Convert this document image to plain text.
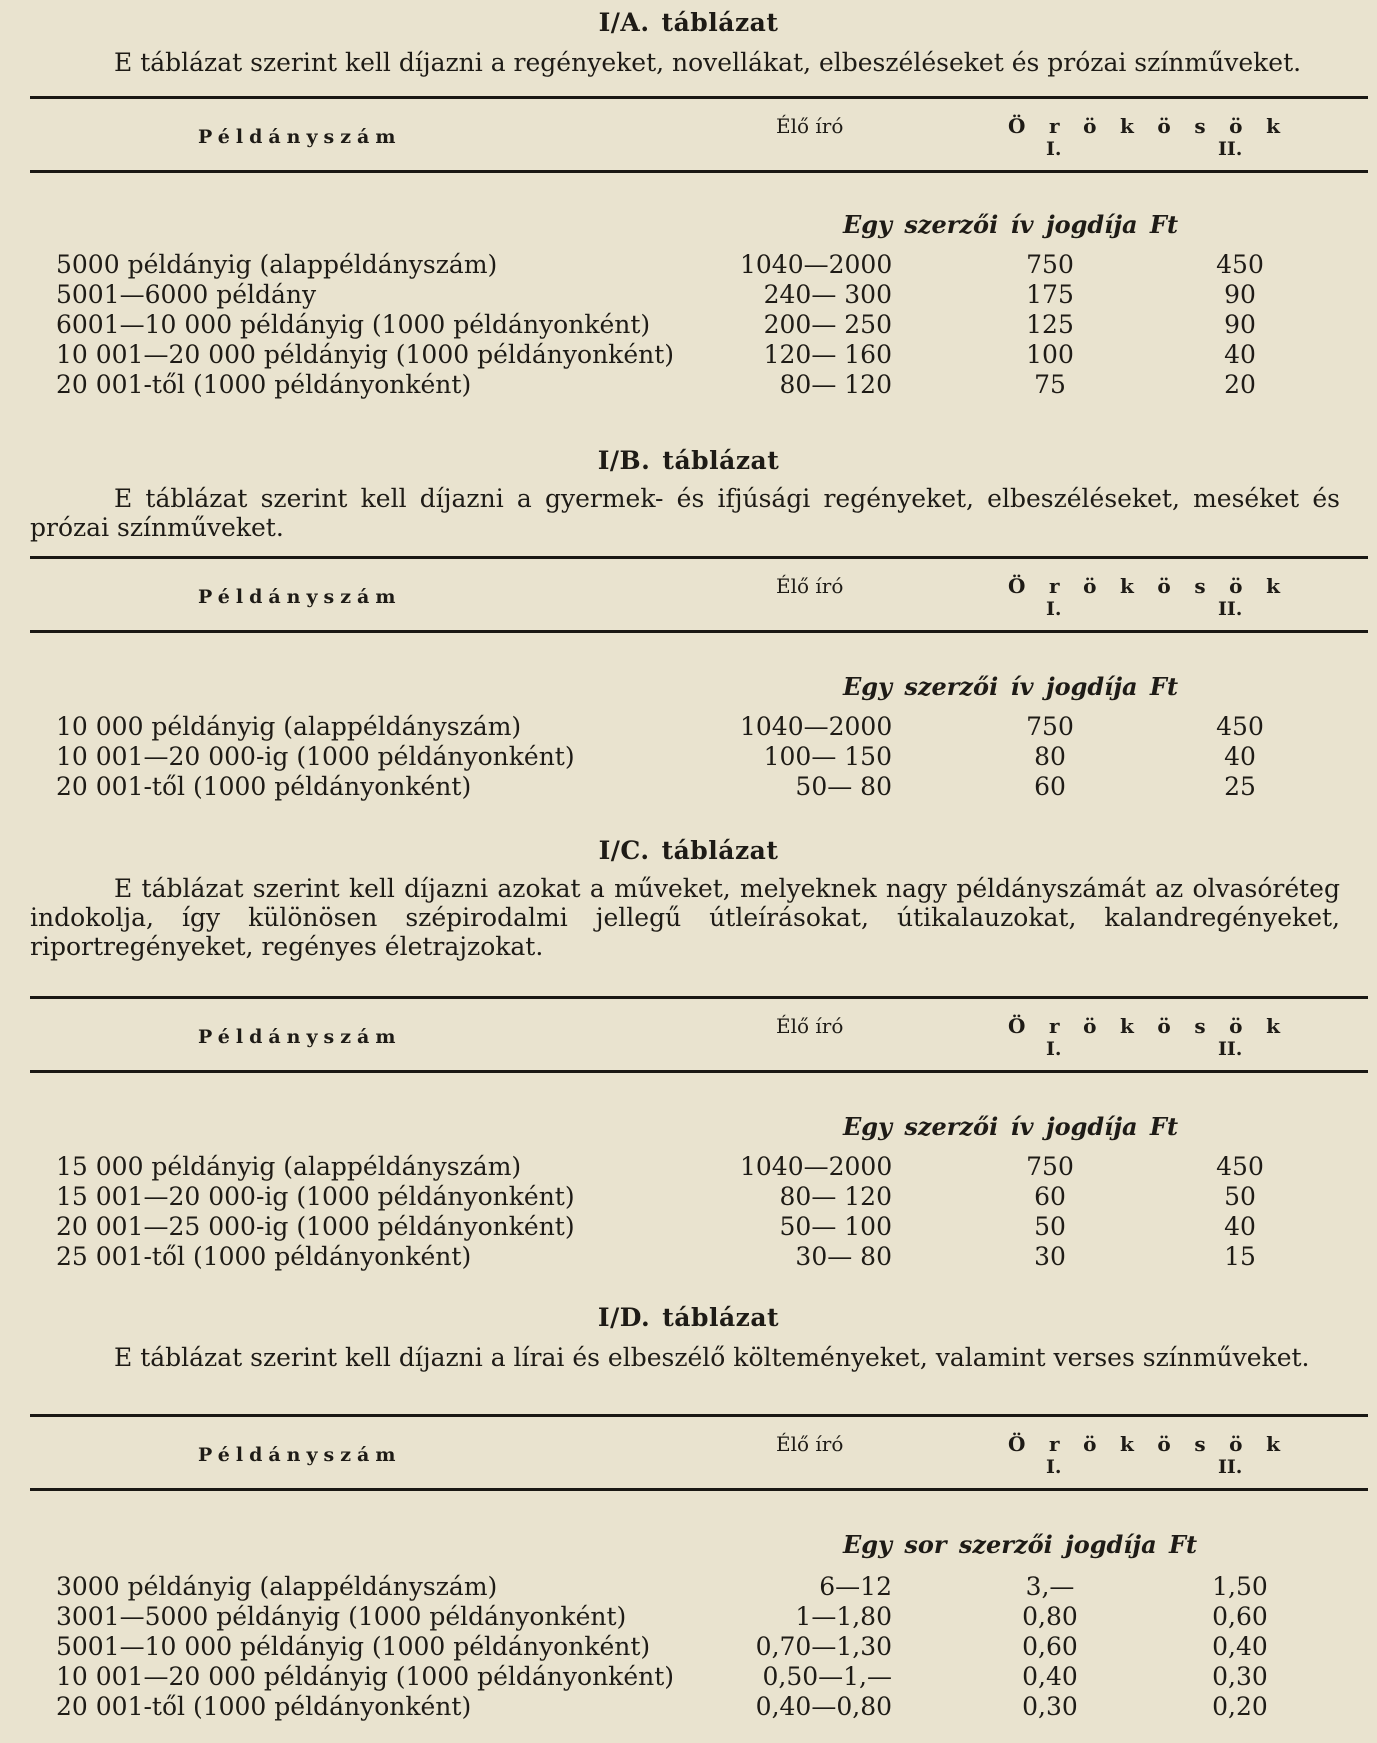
I/A. táblázat
E táblázat szerint kell díjazni a regényeket, novellákat, elbeszéléseket és prózai színműveket.
Példányszám	Élő író	Ö r ö k ö s ö k
I.	II.
Egy szerzői ív jogdíja Ft
5000 példányig (alappéldányszám)	1040—2000	750	450
5001—6000 példány	240— 300	175	90
6001—10 000 példányig (1000 példányonként)	200— 250	125	90
10 001—20 000 példányig (1000 példányonként)	120— 160	100	40
20 001-től (1000 példányonként)	80— 120	75	20
I/B. táblázat
E táblázat szerint kell díjazni a gyermek- és ifjúsági regényeket, elbeszéléseket, meséket és prózai színműveket.
Példányszám	Élő író	Ö r ö k ö s ö k
I.	II.
Egy szerzői ív jogdíja Ft
10 000 példányig (alappéldányszám)	1040—2000	750	450
10 001—20 000-ig (1000 példányonként)	100— 150	80	40
20 001-től (1000 példányonként)	50— 80	60	25
I/C. táblázat
E táblázat szerint kell díjazni azokat a műveket, melyeknek nagy példányszámát az olvasóréteg indokolja, így különösen szépirodalmi jellegű útleírásokat, útikalauzokat, kalandregényeket, riportregényeket, regényes életrajzokat.
Példányszám	Élő író	Ö r ö k ö s ö k
I.	II.
Egy szerzői ív jogdíja Ft
15 000 példányig (alappéldányszám)	1040—2000	750	450
15 001—20 000-ig (1000 példányonként)	80— 120	60	50
20 001—25 000-ig (1000 példányonként)	50— 100	50	40
25 001-től (1000 példányonként)	30— 80	30	15
I/D. táblázat
E táblázat szerint kell díjazni a lírai és elbeszélő költeményeket, valamint verses színműveket.
Példányszám	Élő író	Ö r ö k ö s ö k
I.	II.
Egy sor szerzői jogdíja Ft
3000 példányig (alappéldányszám)	6—12	3,—	1,50
3001—5000 példányig (1000 példányonként)	1—1,80	0,80	0,60
5001—10 000 példányig (1000 példányonként)	0,70—1,30	0,60	0,40
10 001—20 000 példányig (1000 példányonként)	0,50—1,—	0,40	0,30
20 001-től (1000 példányonként)	0,40—0,80	0,30	0,20
